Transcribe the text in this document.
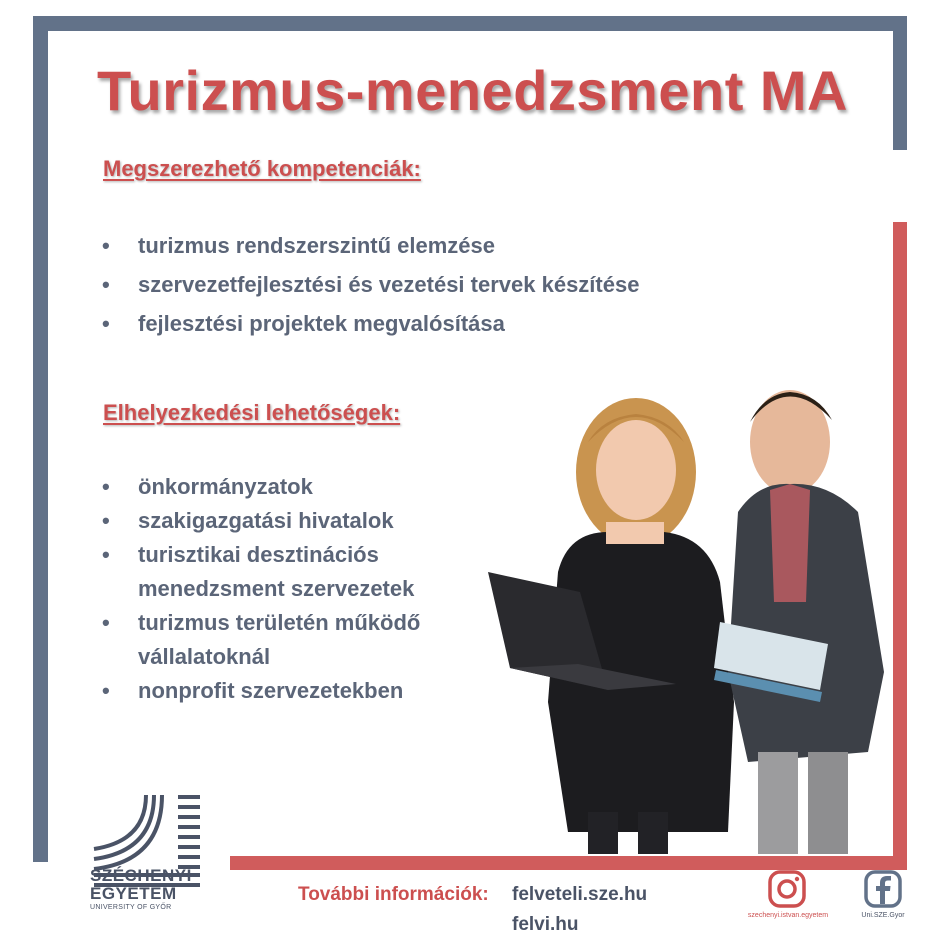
Turizmus-menedzsment MA
Megszerezhető kompetenciák:
• turizmus rendszerszintű elemzése
• szervezetfejlesztési és vezetési tervek készítése
• fejlesztési projektek megvalósítása
Elhelyezkedési lehetőségek:
• önkormányzatok
• szakigazgatási hivatalok
• turisztikai desztinációs
menedzsment szervezetek
• turizmus területén működő
vállalatoknál
• nonprofit szervezetekben
SZÉCHENYI
EGYETEM
UNIVERSITY OF GYŐR
További információk: felveteli.sze.hu
felvi.hu	szechenyi.istvan.egyetem	Uni.SZE.Gyor
